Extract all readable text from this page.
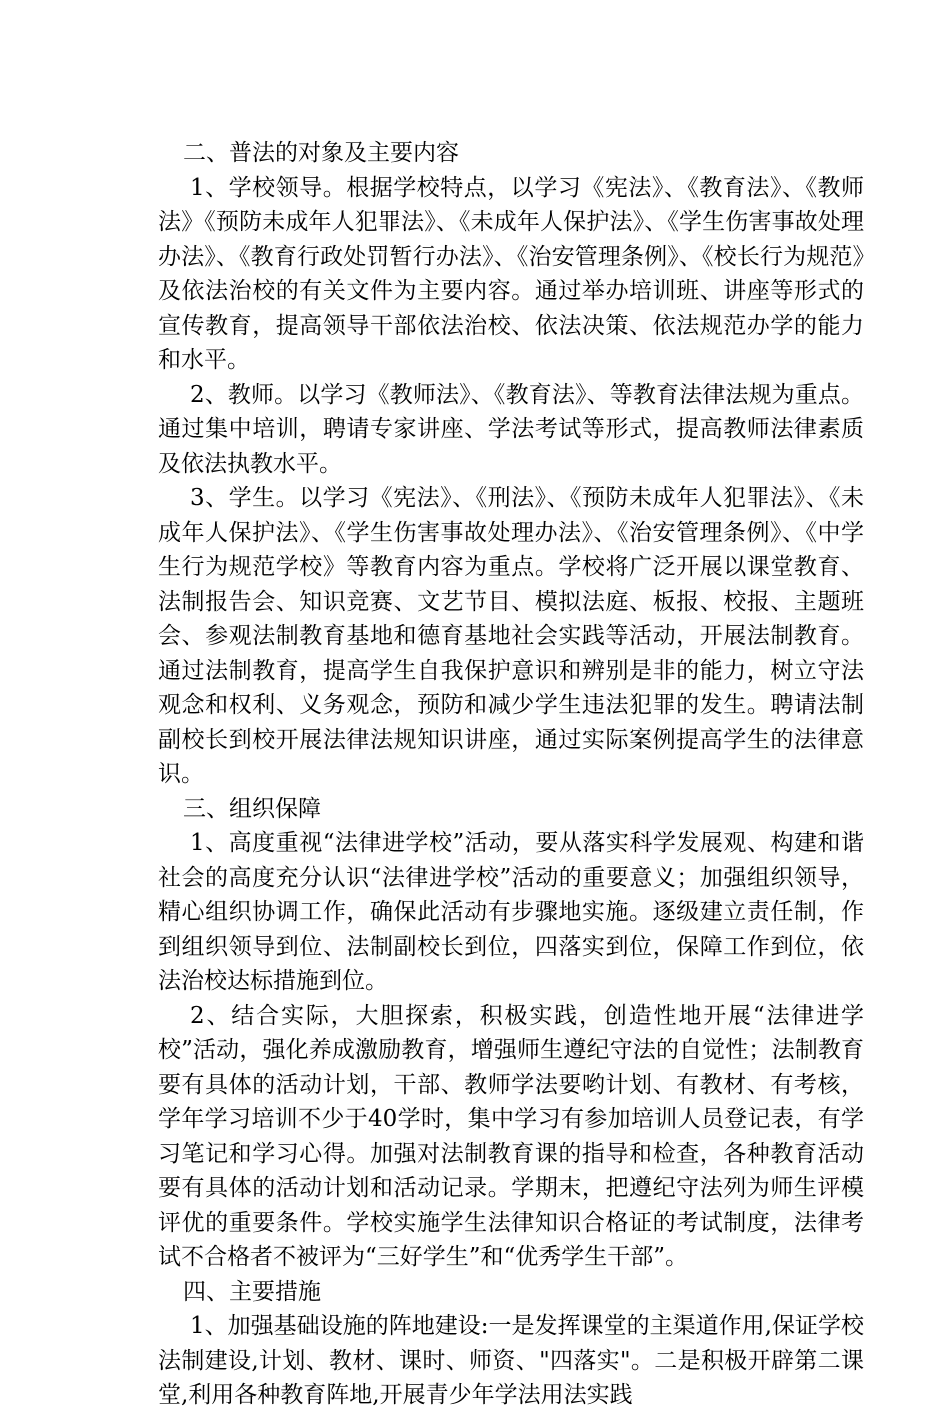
二、普法的对象及主要内容

1、学校领导。根据学校特点，以学习《宪法》、《教育法》、《教师法》《预防未成年人犯罪法》、《未成年人保护法》、《学生伤害事故处理办法》、《教育行政处罚暂行办法》、《治安管理条例》、《校长行为规范》及依法治校的有关文件为主要内容。通过举办培训班、讲座等形式的宣传教育，提高领导干部依法治校、依法决策、依法规范办学的能力和水平。

2、教师。以学习《教师法》、《教育法》、等教育法律法规为重点。通过集中培训，聘请专家讲座、学法考试等形式，提高教师法律素质及依法执教水平。

3、学生。以学习《宪法》、《刑法》、《预防未成年人犯罪法》、《未成年人保护法》、《学生伤害事故处理办法》、《治安管理条例》、《中学生行为规范学校》等教育内容为重点。学校将广泛开展以课堂教育、法制报告会、知识竞赛、文艺节目、模拟法庭、板报、校报、主题班会、参观法制教育基地和德育基地社会实践等活动，开展法制教育。通过法制教育，提高学生自我保护意识和辨别是非的能力，树立守法观念和权利、义务观念，预防和减少学生违法犯罪的发生。聘请法制副校长到校开展法律法规知识讲座，通过实际案例提高学生的法律意识。

三、组织保障

1、高度重视“法律进学校”活动，要从落实科学发展观、构建和谐社会的高度充分认识“法律进学校”活动的重要意义；加强组织领导，精心组织协调工作，确保此活动有步骤地实施。逐级建立责任制，作到组织领导到位、法制副校长到位，四落实到位，保障工作到位，依法治校达标措施到位。

2、结合实际，大胆探索，积极实践，创造性地开展“法律进学校”活动，强化养成激励教育，增强师生遵纪守法的自觉性；法制教育要有具体的活动计划，干部、教师学法要哟计划、有教材、有考核，学年学习培训不少于40学时，集中学习有参加培训人员登记表，有学习笔记和学习心得。加强对法制教育课的指导和检查，各种教育活动要有具体的活动计划和活动记录。学期末，把遵纪守法列为师生评模评优的重要条件。学校实施学生法律知识合格证的考试制度，法律考试不合格者不被评为“三好学生”和“优秀学生干部”。

四、主要措施

1、加强基础设施的阵地建设:一是发挥课堂的主渠道作用,保证学校法制建设,计划、教材、课时、师资、"四落实"。二是积极开辟第二课堂,利用各种教育阵地,开展青少年学法用法实践
